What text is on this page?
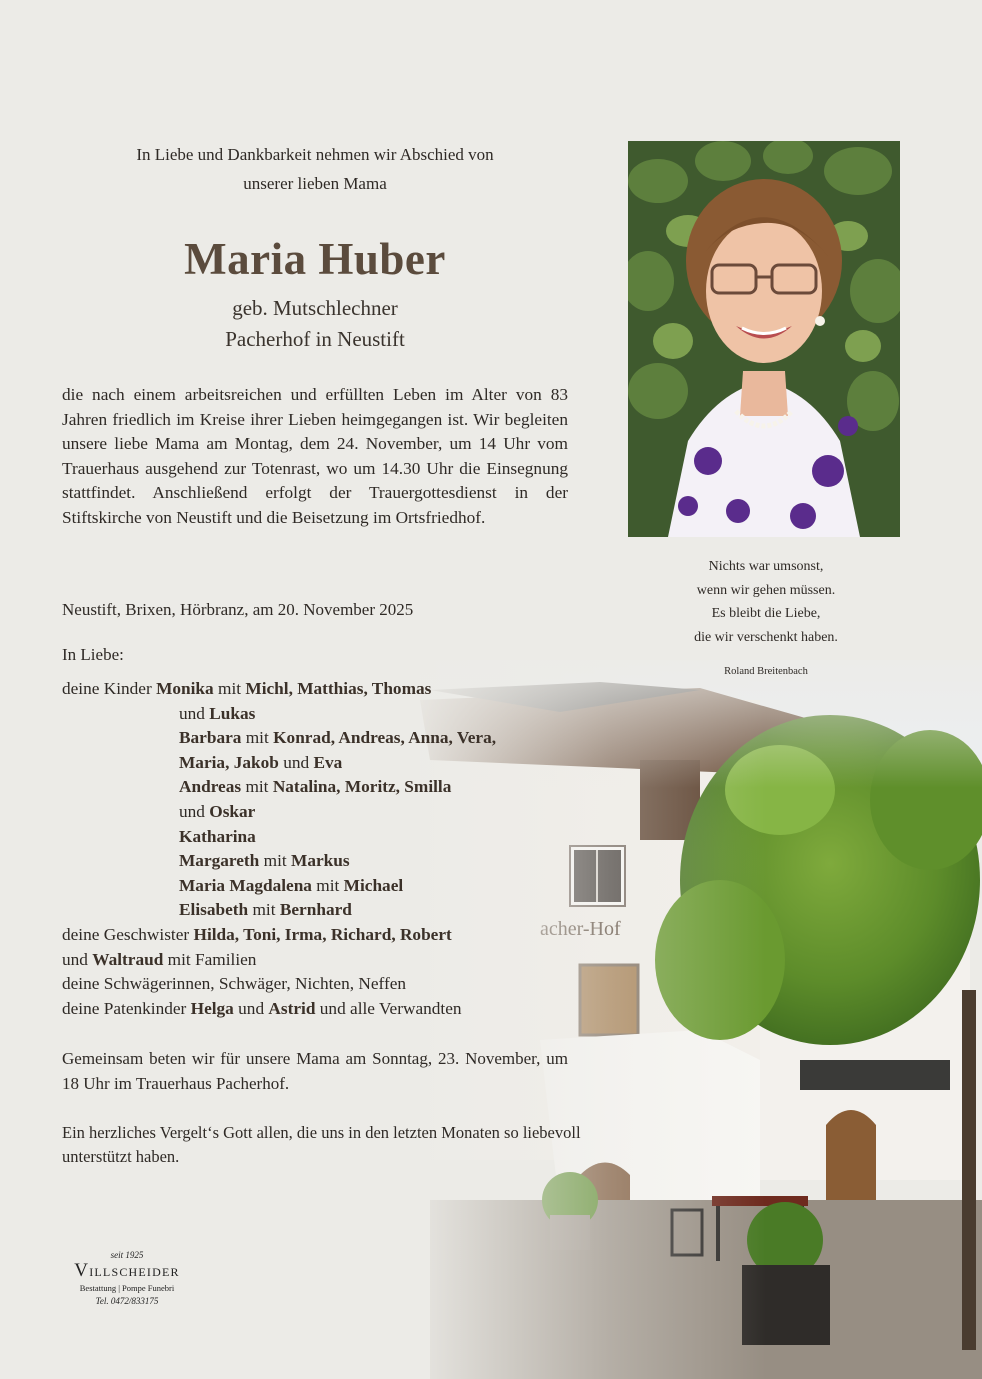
In Liebe und Dankbarkeit nehmen wir Abschied von
unserer lieben Mama
Maria Huber
geb. Mutschlechner
Pacherhof in Neustift
die nach einem arbeitsreichen und erfüllten Leben im Alter von 83 Jahren friedlich im Kreise ihrer Lieben heimgegangen ist. Wir begleiten unsere liebe Mama am Montag, dem 24. November, um 14 Uhr vom Trauerhaus ausgehend zur Totenrast, wo um 14.30 Uhr die Einsegnung stattfindet. Anschließend erfolgt der Trauergottesdienst in der Stiftskirche von Neustift und die Beisetzung im Ortsfriedhof.
Neustift, Brixen, Hörbranz, am 20. November 2025
In Liebe:
deine Kinder Monika mit Michl, Matthias, Thomas
und Lukas
Barbara mit Konrad, Andreas, Anna, Vera,
Maria, Jakob und Eva
Andreas mit Natalina, Moritz, Smilla
und Oskar
Katharina
Margareth mit Markus
Maria Magdalena mit Michael
Elisabeth mit Bernhard
deine Geschwister Hilda, Toni, Irma, Richard, Robert
und Waltraud mit Familien
deine Schwägerinnen, Schwäger, Nichten, Neffen
deine Patenkinder Helga und Astrid und alle Verwandten
Gemeinsam beten wir für unsere Mama am Sonntag, 23. November, um 18 Uhr im Trauerhaus Pacherhof.
Ein herzliches Vergelt‘s Gott allen, die uns in den letzten Monaten so liebevoll unterstützt haben.
Nichts war umsonst,
wenn wir gehen müssen.
Es bleibt die Liebe,
die wir verschenkt haben.
Roland Breitenbach
seit 1925
Villscheider
Bestattung | Pompe Funebri
Tel. 0472/833175
